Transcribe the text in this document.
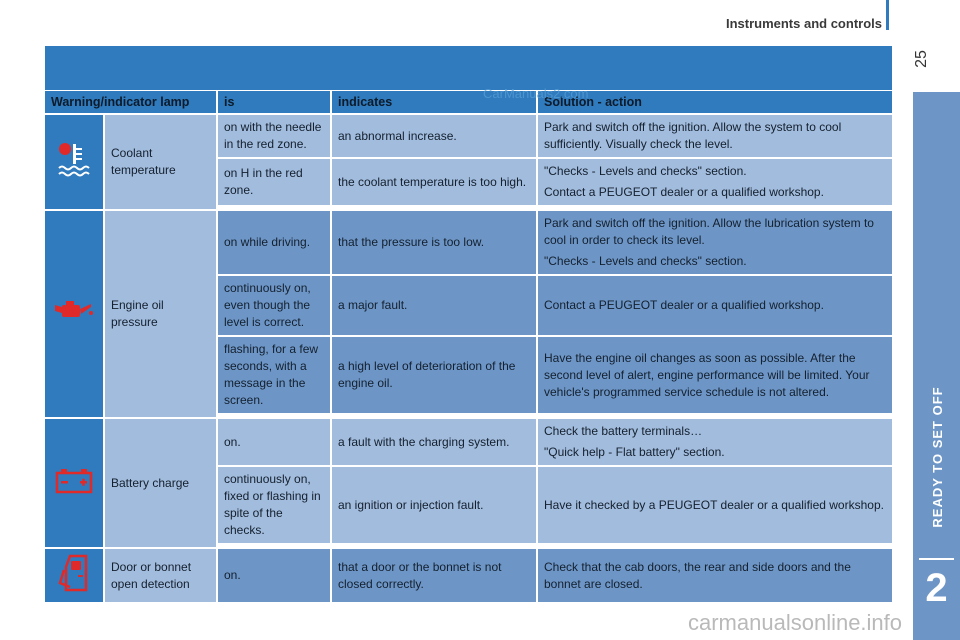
Instruments and controls
25
READY TO SET OFF
2
Warning/indicator lamp		is	indicates	Solution - action
	Coolant temperature	on with the needle in the red zone.	an abnormal increase.	Park and switch off the ignition. Allow the system to cool sufficiently. Visually check the level.

		on H in the red zone.	the coolant temperature is too high.	"Checks - Levels and checks" section.
Contact a PEUGEOT dealer or a qualified workshop.

	Engine oil pressure	on while driving.	that the pressure is too low.	Park and switch off the ignition. Allow the lubrication system to cool in order to check its level.
"Checks - Levels and checks" section.

		continuously on, even though the level is correct.	a major fault.	Contact a PEUGEOT dealer or a qualified workshop.

		flashing, for a few seconds, with a message in the screen.	a high level of deterioration of the engine oil.	Have the engine oil changes as soon as possible. After the second level of alert, engine performance will be limited. Your vehicle's programmed service schedule is not altered.

	Battery charge	on.	a fault with the charging system.	Check the battery terminals…
"Quick help - Flat battery" section.

		continuously on, fixed or flashing in spite of the checks.	an ignition or injection fault.	Have it checked by a PEUGEOT dealer or a qualified workshop.

	Door or bonnet open detection	on.	that a door or the bonnet is not closed correctly.	Check that the cab doors, the rear and side doors and the bonnet are closed.
CarManuals2.com
carmanualsonline.info
